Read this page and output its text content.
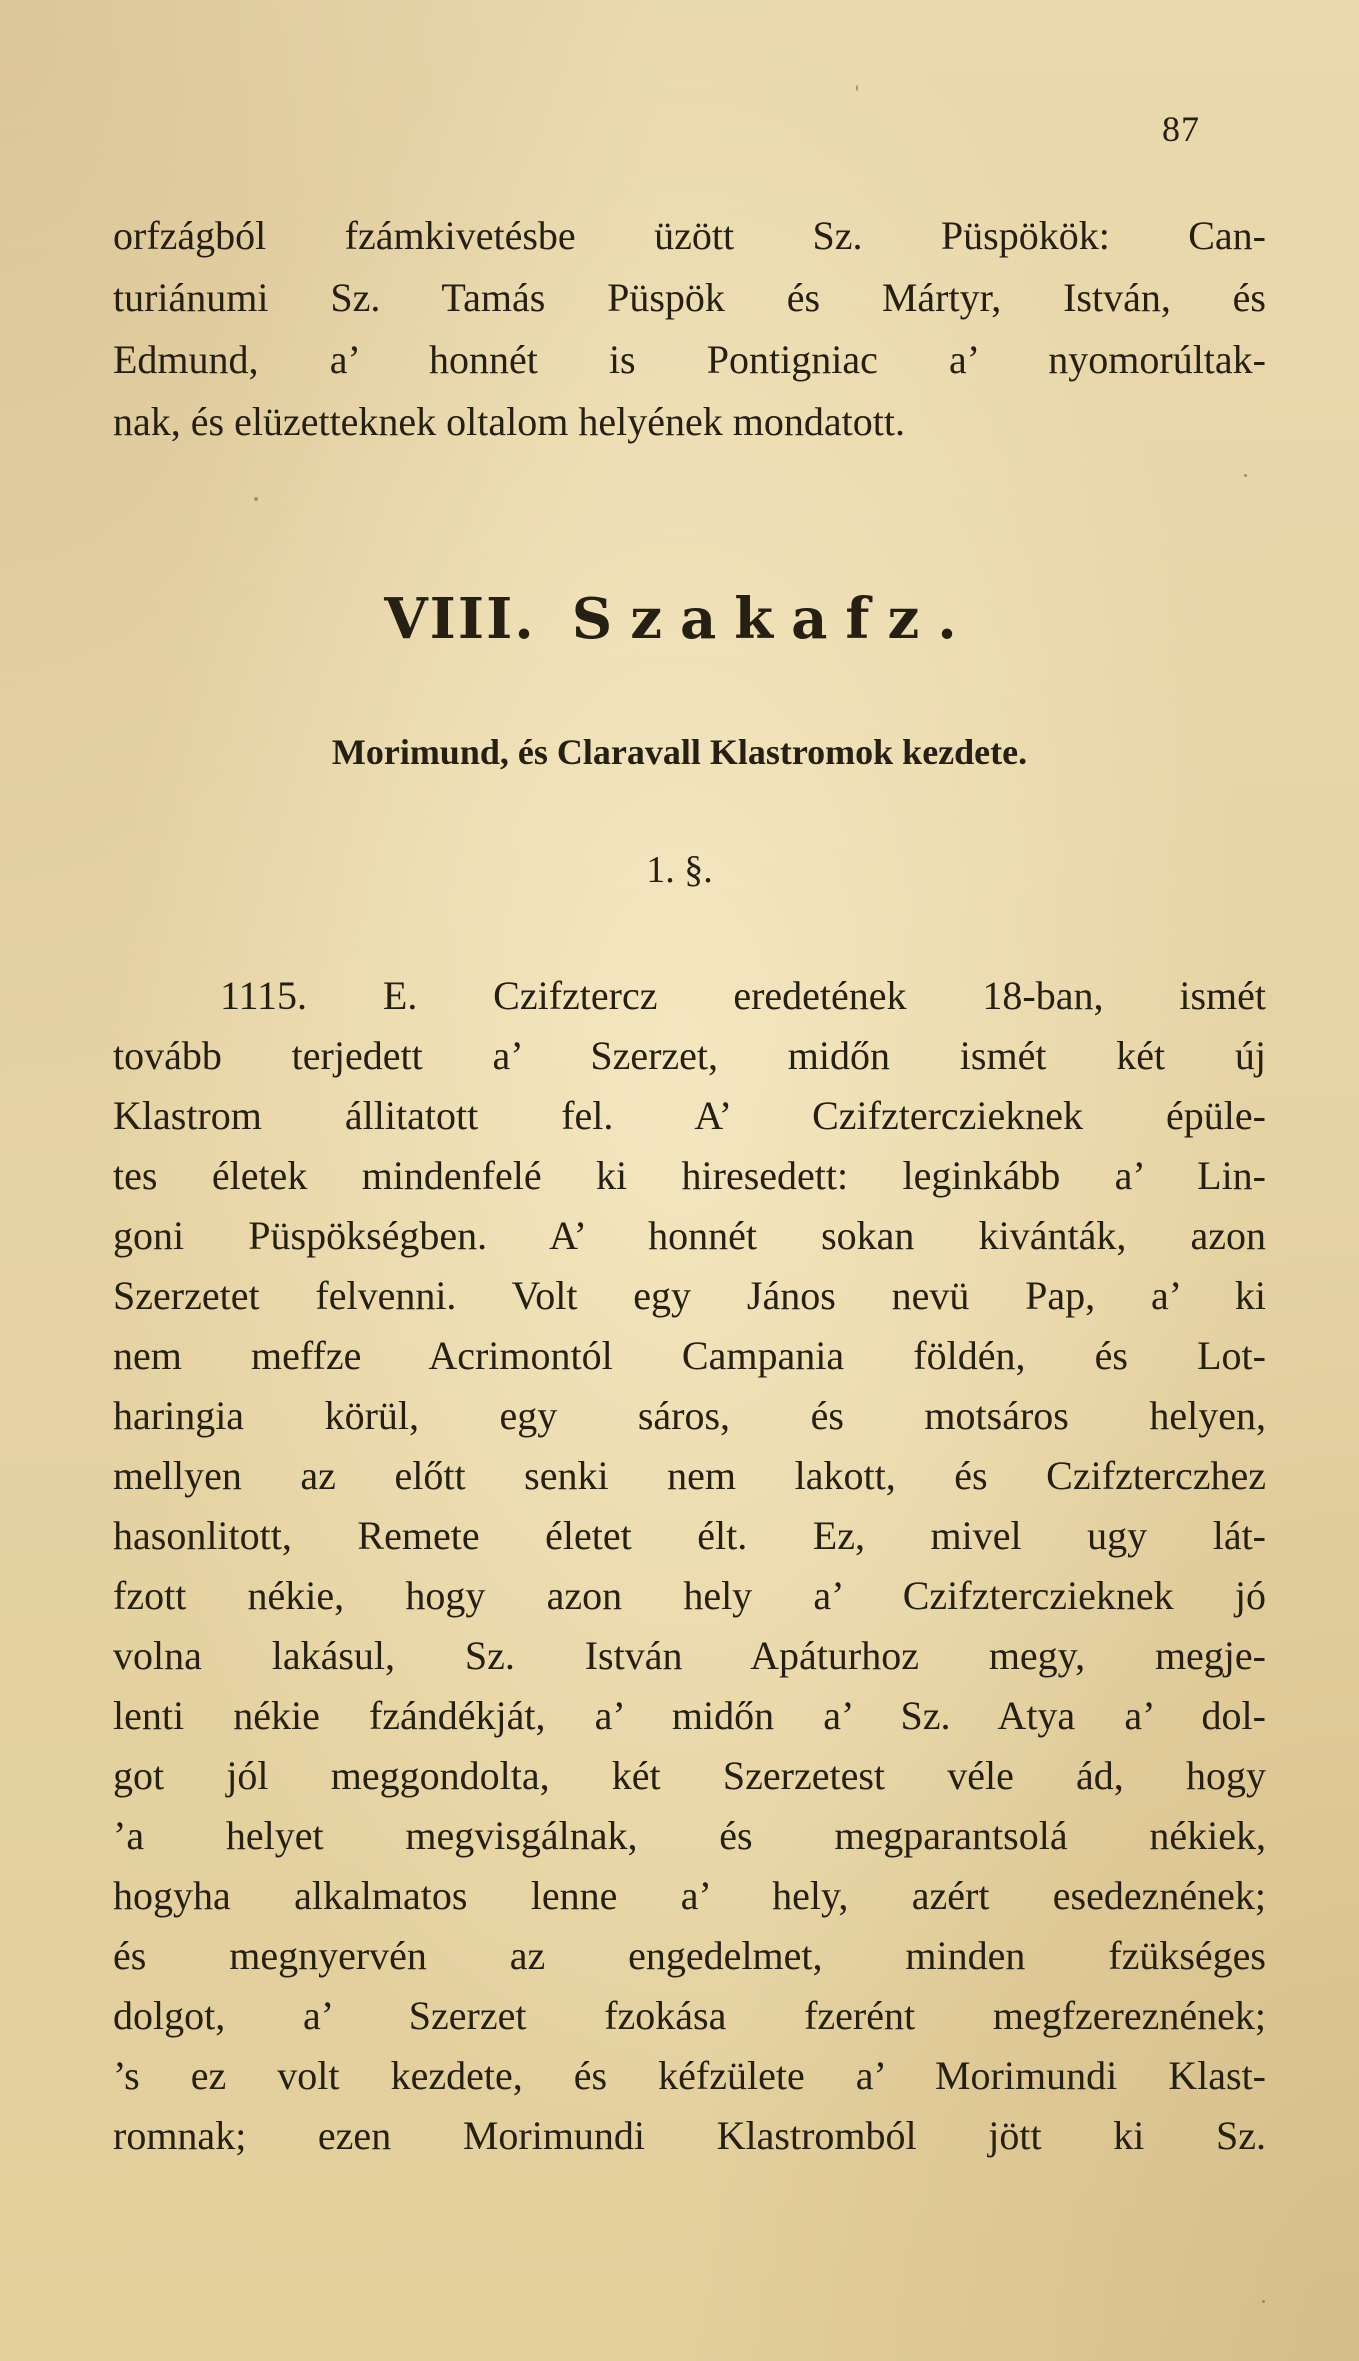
87
orfzágból fzámkivetésbe üzött Sz. Püspökök: Can-
turiánumi Sz. Tamás Püspök és Mártyr, István, és
Edmund, a’ honnét is Pontigniac a’ nyomorúltak-
nak, és elüzetteknek oltalom helyének mondatott.
VIII. Szakafz.
Morimund, és Claravall Klastromok kezdete.
1. §.
1115. E. Czifztercz eredetének 18-ban, ismét
tovább terjedett a’ Szerzet, midőn ismét két új
Klastrom állitatott fel. A’ Czifzterczieknek épüle-
tes életek mindenfelé ki hiresedett: leginkább a’ Lin-
goni Püspökségben. A’ honnét sokan kivánták, azon
Szerzetet felvenni. Volt egy János nevü Pap, a’ ki
nem meffze Acrimontól Campania földén, és Lot-
haringia körül, egy sáros, és motsáros helyen,
mellyen az előtt senki nem lakott, és Czifzterczhez
hasonlitott, Remete életet élt. Ez, mivel ugy lát-
fzott nékie, hogy azon hely a’ Czifzterczieknek jó
volna lakásul, Sz. István Apáturhoz megy, megje-
lenti nékie fzándékját, a’ midőn a’ Sz. Atya a’ dol-
got jól meggondolta, két Szerzetest véle ád, hogy
’a helyet megvisgálnak, és megparantsolá nékiek,
hogyha alkalmatos lenne a’ hely, azért esedeznének;
és megnyervén az engedelmet, minden fzükséges
dolgot, a’ Szerzet fzokása fzerént megfzereznének;
’s ez volt kezdete, és kéfzülete a’ Morimundi Klast-
romnak; ezen Morimundi Klastromból jött ki Sz.
